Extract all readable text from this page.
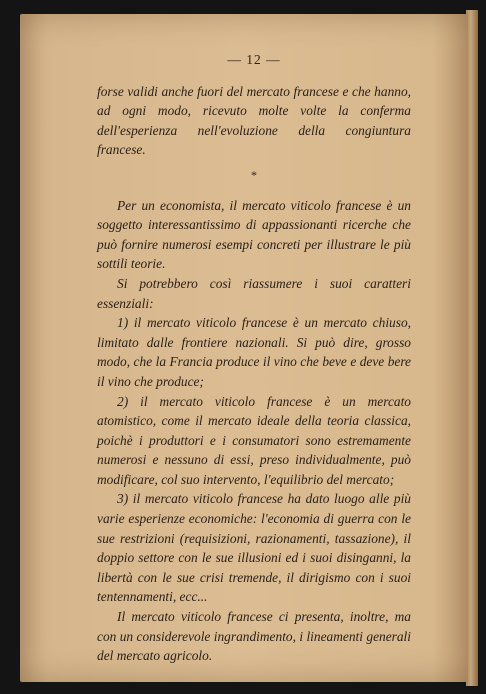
— 12 —

forse validi anche fuori del mercato francese e che hanno, ad ogni modo, ricevuto molte volte la conferma dell'esperienza nell'evoluzione della congiuntura francese.

*

Per un economista, il mercato viticolo francese è un soggetto interessantissimo di appassionanti ricerche che può fornire numerosi esempi concreti per illustrare le più sottili teorie.

Si potrebbero così riassumere i suoi caratteri essenziali:

1) il mercato viticolo francese è un mercato chiuso, limitato dalle frontiere nazionali. Si può dire, grosso modo, che la Francia produce il vino che beve e deve bere il vino che produce;

2) il mercato viticolo francese è un mercato atomistico, come il mercato ideale della teoria classica, poichè i produttori e i consumatori sono estremamente numerosi e nessuno di essi, preso individualmente, può modificare, col suo intervento, l'equilibrio del mercato;

3) il mercato viticolo francese ha dato luogo alle più varie esperienze economiche: l'economia di guerra con le sue restrizioni (requisizioni, razionamenti, tassazione), il doppio settore con le sue illusioni ed i suoi disinganni, la libertà con le sue crisi tremende, il dirigismo con i suoi tentennamenti, ecc...

Il mercato viticolo francese ci presenta, inoltre, ma con un considerevole ingrandimento, i lineamenti generali del mercato agricolo.
